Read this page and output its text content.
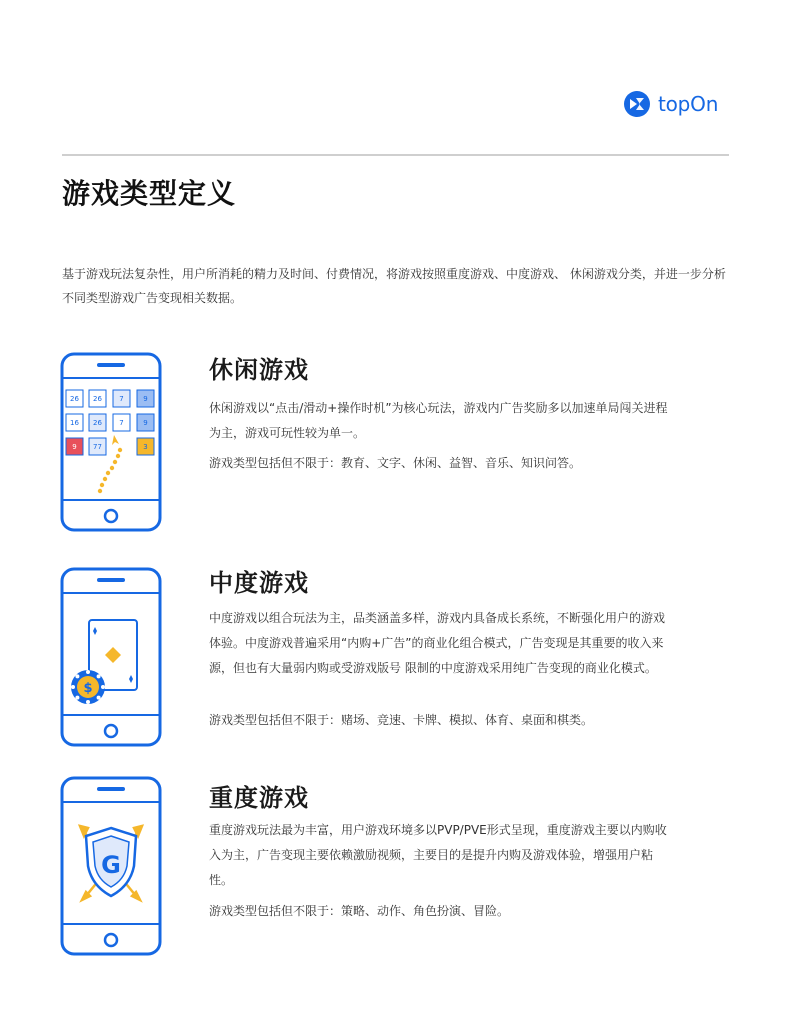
topOn
游戏类型定义

基于游戏玩法复杂性，用户所消耗的精力及时间、付费情况，将游戏按照重度游戏、中度游戏、 休闲游戏分类，并进一步分析不同类型游戏广告变现相关数据。

26 26 7	9
16 26 7	9
9 77	3
休闲游戏

休闲游戏以“点击/滑动+操作时机”为核心玩法，游戏内广告奖励多以加速单局闯关进程为主，游戏可玩性较为单一。

游戏类型包括但不限于：教育、文字、休闲、益智、音乐、知识问答。

$
中度游戏

中度游戏以组合玩法为主，品类涵盖多样，游戏内具备成长系统，不断强化用户的游戏体验。中度游戏普遍采用“内购+广告”的商业化组合模式，广告变现是其重要的收入来源，但也有大量弱内购或受游戏版号 限制的中度游戏采用纯广告变现的商业化模式。

游戏类型包括但不限于：赌场、竞速、卡牌、模拟、体育、桌面和棋类。

G
重度游戏

重度游戏玩法最为丰富，用户游戏环境多以PVP/PVE形式呈现，重度游戏主要以内购收入为主，广告变现主要依赖激励视频，主要目的是提升内购及游戏体验，增强用户粘性。

游戏类型包括但不限于：策略、动作、角色扮演、冒险。
